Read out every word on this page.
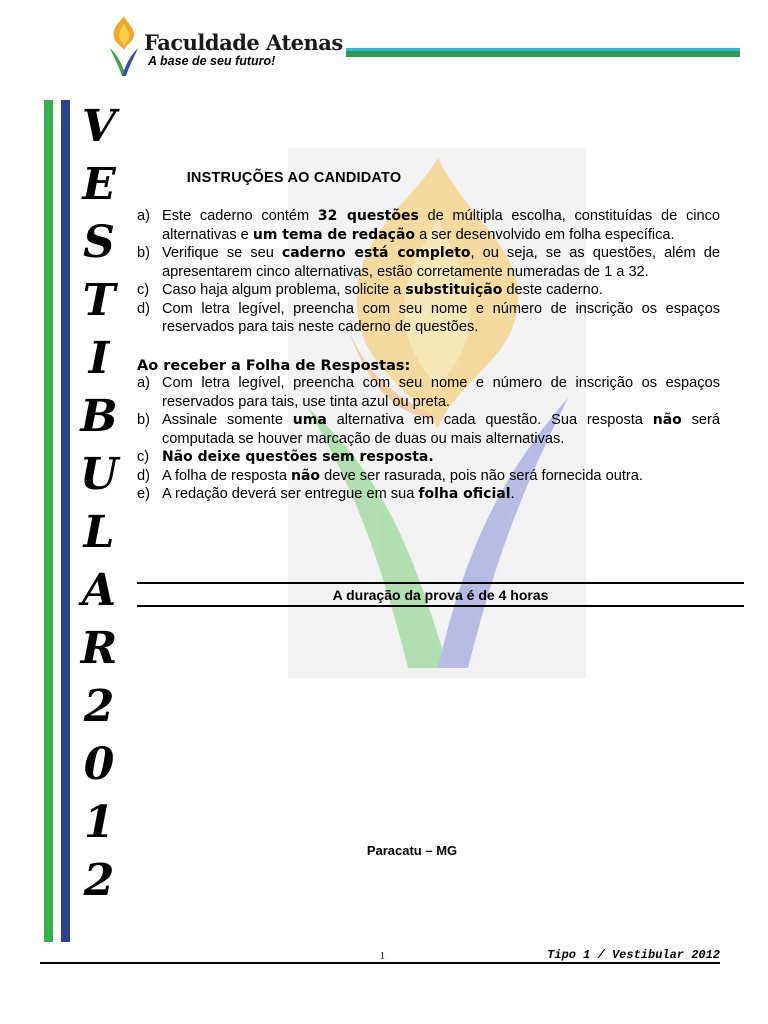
Faculdade Atenas
A base de seu futuro!
V
E
S
T
I
B
U
L
A
R
2
0
1
2
INSTRUÇÕES AO CANDIDATO
a) Este caderno contém 32 questões de múltipla escolha, constituídas de cinco alternativas e um tema de redação a ser desenvolvido em folha específica.
b) Verifique se seu caderno está completo, ou seja, se as questões, além de apresentarem cinco alternativas, estão corretamente numeradas de 1 a 32.
c) Caso haja algum problema, solicite a substituição deste caderno.
d) Com letra legível, preencha com seu nome e número de inscrição os espaços reservados para tais neste caderno de questões.
Ao receber a Folha de Respostas:
a) Com letra legível, preencha com seu nome e número de inscrição os espaços reservados para tais, use tinta azul ou preta.
b) Assinale somente uma alternativa em cada questão. Sua resposta não será computada se houver marcação de duas ou mais alternativas.
c) Não deixe questões sem resposta.
d) A folha de resposta não deve ser rasurada, pois não será fornecida outra.
e) A redação deverá ser entregue em sua folha oficial.
A duração da prova é de 4 horas
Paracatu – MG
1	Tipo 1 / Vestibular 2012
